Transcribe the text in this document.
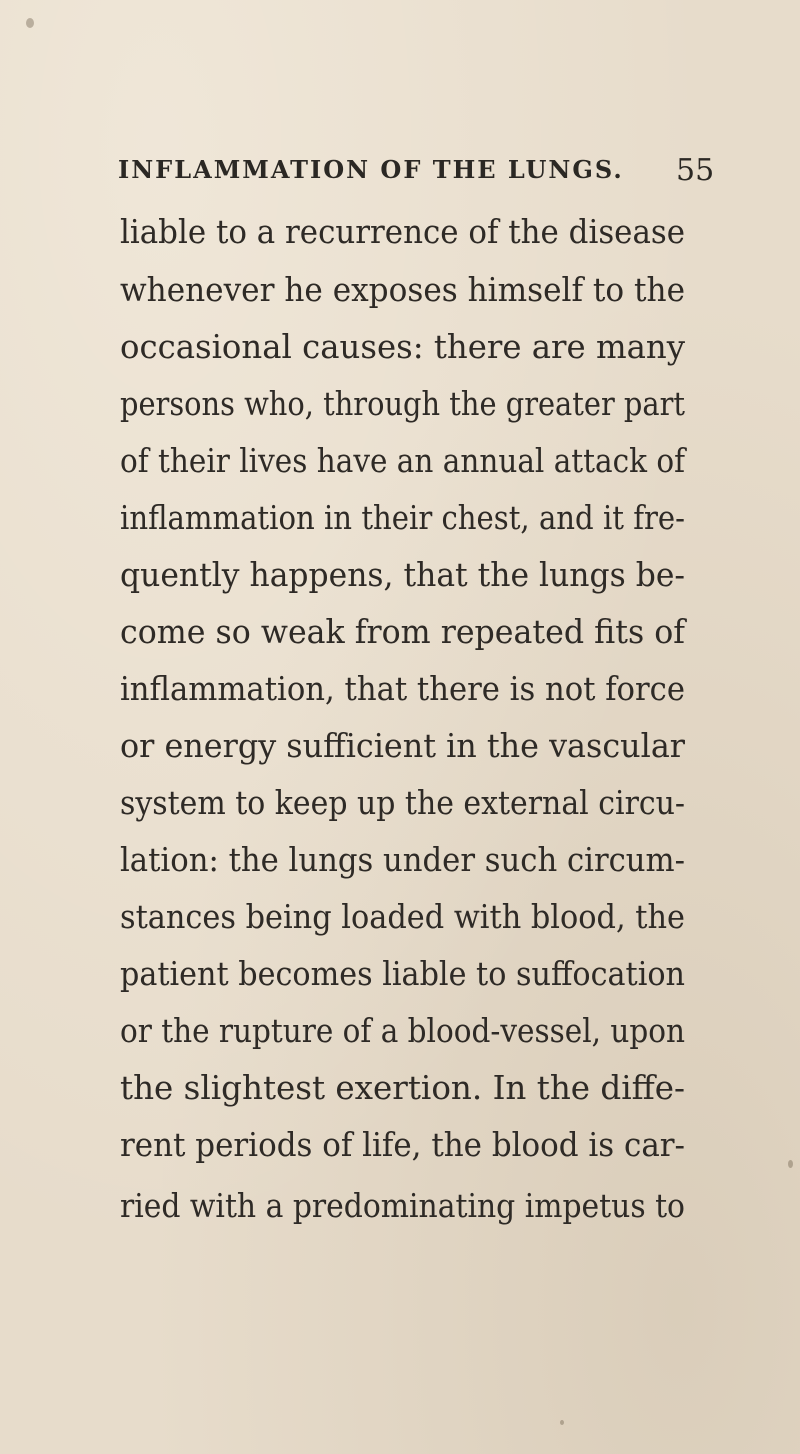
INFLAMMATION OF THE LUNGS. 55
liable to a recurrence of the disease
whenever he exposes himself to the
occasional causes: there are many
persons who, through the greater part
of their lives have an annual attack of
inflammation in their chest, and it fre-
quently happens, that the lungs be-
come so weak from repeated fits of
inflammation, that there is not force
or energy sufficient in the vascular
system to keep up the external circu-
lation: the lungs under such circum-
stances being loaded with blood, the
patient becomes liable to suffocation
or the rupture of a blood-vessel, upon
the slightest exertion. In the diffe-
rent periods of life, the blood is car-
ried with a predominating impetus to
